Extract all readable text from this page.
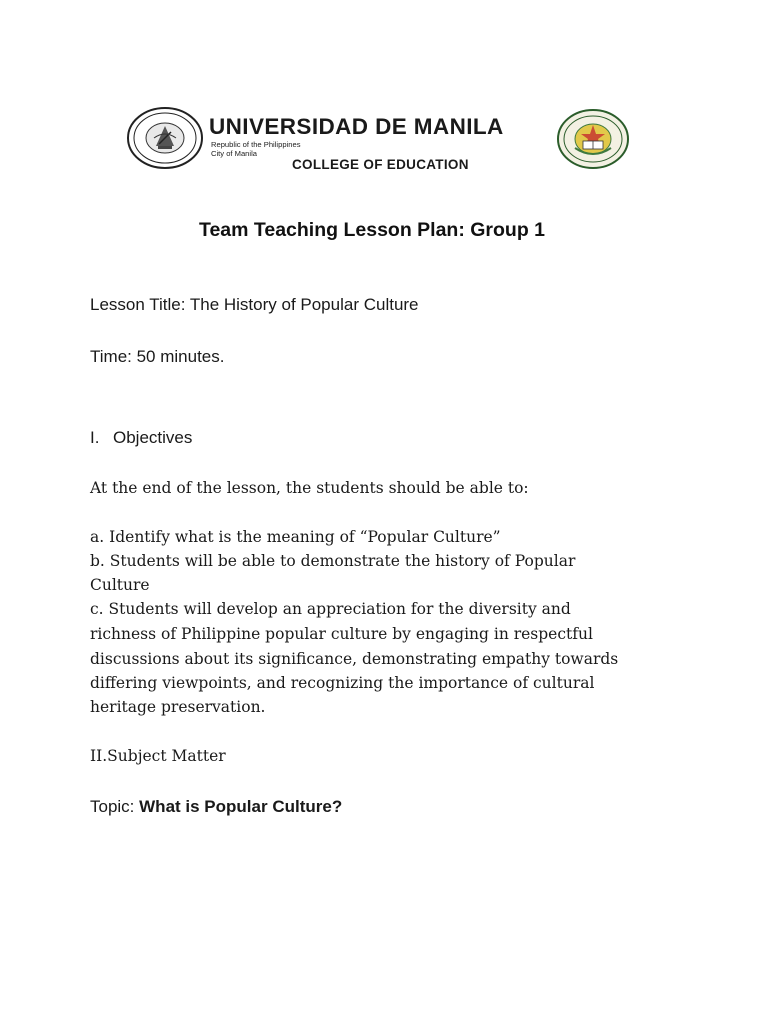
UNIVERSIDAD DE MANILA
Republic of the Philippines
City of Manila
COLLEGE OF EDUCATION
Team Teaching Lesson Plan: Group 1

Lesson Title: The History of Popular Culture

Time: 50 minutes.

I. Objectives

At the end of the lesson, the students should be able to:

a. Identify what is the meaning of “Popular Culture”

b. Students will be able to demonstrate the history of Popular

Culture

c. Students will develop an appreciation for the diversity and

richness of Philippine popular culture by engaging in respectful

discussions about its significance, demonstrating empathy towards

differing viewpoints, and recognizing the importance of cultural

heritage preservation.

II.Subject Matter

Topic: What is Popular Culture?
